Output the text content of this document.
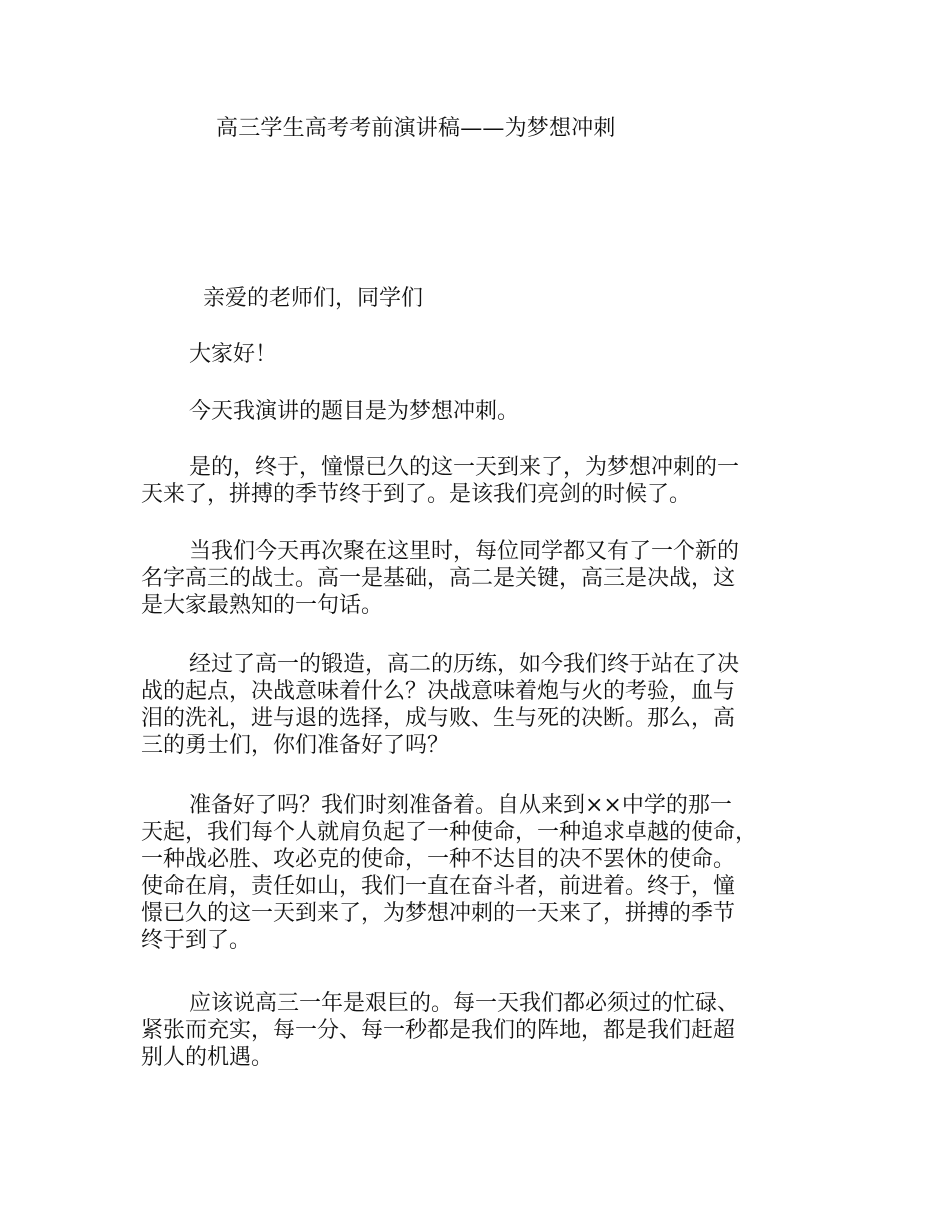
高三学生高考考前演讲稿——为梦想冲刺

亲爱的老师们，同学们

大家好！

今天我演讲的题目是为梦想冲刺。

是的，终于，憧憬已久的这一天到来了，为梦想冲刺的一
天来了，拼搏的季节终于到了。是该我们亮剑的时候了。

当我们今天再次聚在这里时，每位同学都又有了一个新的
名字高三的战士。高一是基础，高二是关键，高三是决战，这
是大家最熟知的一句话。

经过了高一的锻造，高二的历练，如今我们终于站在了决
战的起点，决战意味着什么？决战意味着炮与火的考验，血与
泪的洗礼，进与退的选择，成与败、生与死的决断。那么，高
三的勇士们，你们准备好了吗？

准备好了吗？我们时刻准备着。自从来到××中学的那一
天起，我们每个人就肩负起了一种使命，一种追求卓越的使命，
一种战必胜、攻必克的使命，一种不达目的决不罢休的使命。
使命在肩，责任如山，我们一直在奋斗者，前进着。终于，憧
憬已久的这一天到来了，为梦想冲刺的一天来了，拼搏的季节
终于到了。

应该说高三一年是艰巨的。每一天我们都必须过的忙碌、
紧张而充实，每一分、每一秒都是我们的阵地，都是我们赶超
别人的机遇。
